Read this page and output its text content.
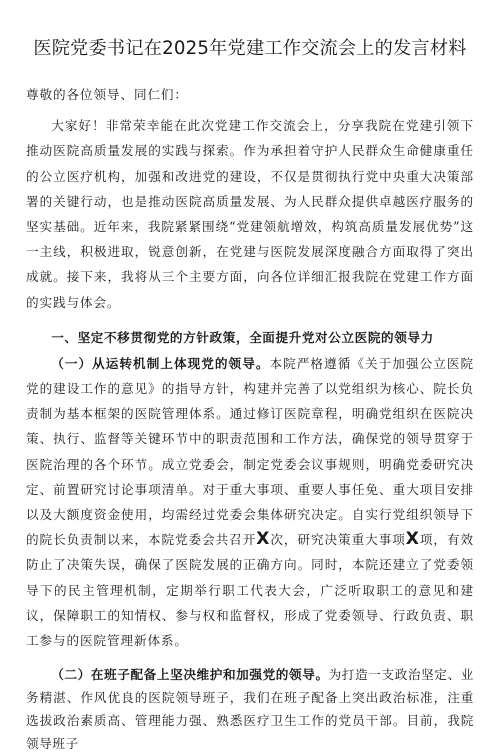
医院党委书记在2025年党建工作交流会上的发言材料

尊敬的各位领导、同仁们：

大家好！非常荣幸能在此次党建工作交流会上，分享我院在党建引领下推动医院高质量发展的实践与探索。作为承担着守护人民群众生命健康重任的公立医疗机构，加强和改进党的建设，不仅是贯彻执行党中央重大决策部署的关键行动，也是推动医院高质量发展、为人民群众提供卓越医疗服务的坚实基础。近年来，我院紧紧围绕“党建领航增效，构筑高质量发展优势”这一主线，积极进取，锐意创新，在党建与医院发展深度融合方面取得了突出成就。接下来，我将从三个主要方面，向各位详细汇报我院在党建工作方面的实践与体会。

一、坚定不移贯彻党的方针政策，全面提升党对公立医院的领导力

（一）从运转机制上体现党的领导。本院严格遵循《关于加强公立医院党的建设工作的意见》的指导方针，构建并完善了以党组织为核心、院长负责制为基本框架的医院管理体系。通过修订医院章程，明确党组织在医院决策、执行、监督等关键环节中的职责范围和工作方法，确保党的领导贯穿于医院治理的各个环节。成立党委会，制定党委会议事规则，明确党委研究决定、前置研究讨论事项清单。对于重大事项、重要人事任免、重大项目安排以及大额度资金使用，均需经过党委会集体研究决定。自实行党组织领导下的院长负责制以来，本院党委会共召开X次，研究决策重大事项X项，有效防止了决策失误，确保了医院发展的正确方向。同时，本院还建立了党委领导下的民主管理机制，定期举行职工代表大会，广泛听取职工的意见和建议，保障职工的知情权、参与权和监督权，形成了党委领导、行政负责、职工参与的医院管理新体系。

（二）在班子配备上坚决维护和加强党的领导。为打造一支政治坚定、业务精湛、作风优良的医院领导班子，我们在班子配备上突出政治标准，注重选拔政治素质高、管理能力强、熟悉医疗卫生工作的党员干部。目前，我院领导班子
